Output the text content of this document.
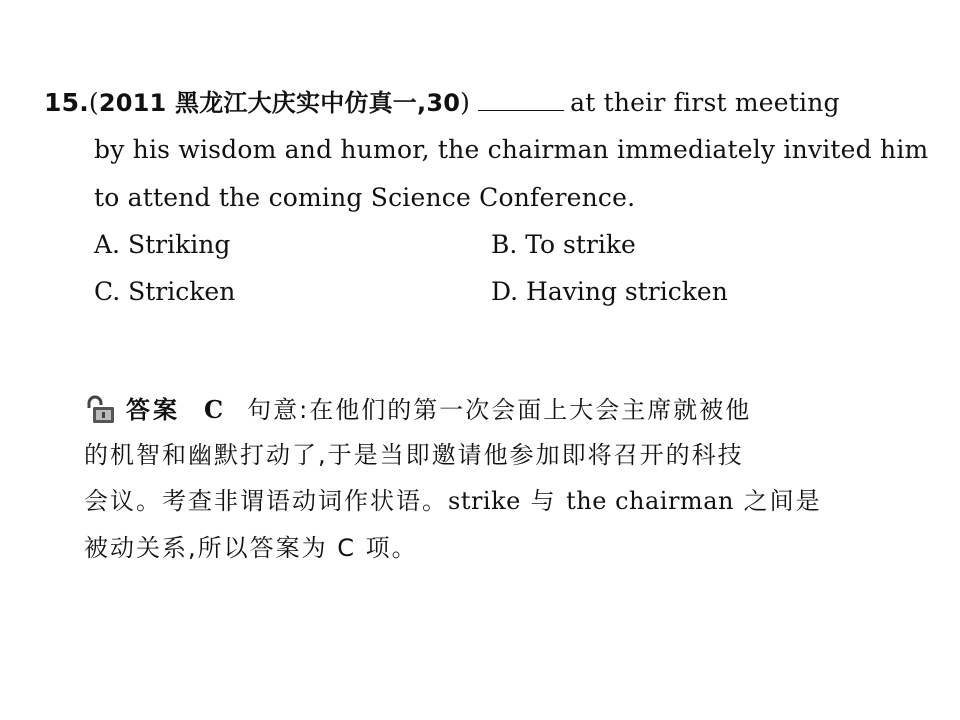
15.(2011 黑龙江大庆实中仿真一,30)	at their first meeting
by his wisdom and humor, the chairman immediately invited him
to attend the coming Science Conference.
A. Striking	B. To strike
C. Stricken	D. Having stricken
答案 C 句意:在他们的第一次会面上大会主席就被他
的机智和幽默打动了,于是当即邀请他参加即将召开的科技
会议。考查非谓语动词作状语。strike 与 the chairman 之间是
被动关系,所以答案为 C 项。
